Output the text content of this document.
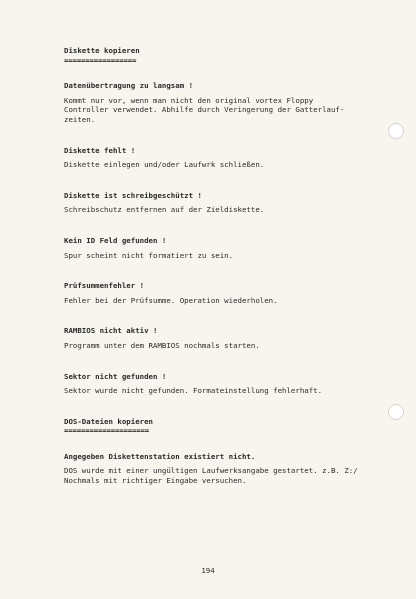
Diskette kopieren
=================
Datenübertragung zu langsam !
Kommt nur vor, wenn man nicht den original vortex Floppy
Controller verwendet. Abhilfe durch Veringerung der Gatterlauf-
zeiten.
Diskette fehlt !
Diskette einlegen und/oder Laufwrk schließen.
Diskette ist schreibgeschützt !
Schreibschutz entfernen auf der Zieldiskette.
Kein ID Feld gefunden !
Spur scheint nicht formatiert zu sein.
Prüfsummenfehler !
Fehler bei der Prüfsumme. Operation wiederholen.
RAMBIOS nicht aktiv !
Programm unter dem RAMBIOS nochmals starten.
Sektor nicht gefunden !
Sektor wurde nicht gefunden. Formateinstellung fehlerhaft.
DOS-Dateien kopieren
====================
Angegeben Diskettenstation existiert nicht.
DOS wurde mit einer ungültigen Laufwerksangabe gestartet. z.B. Z:/
Nochmals mit richtiger Eingabe versuchen.
194
